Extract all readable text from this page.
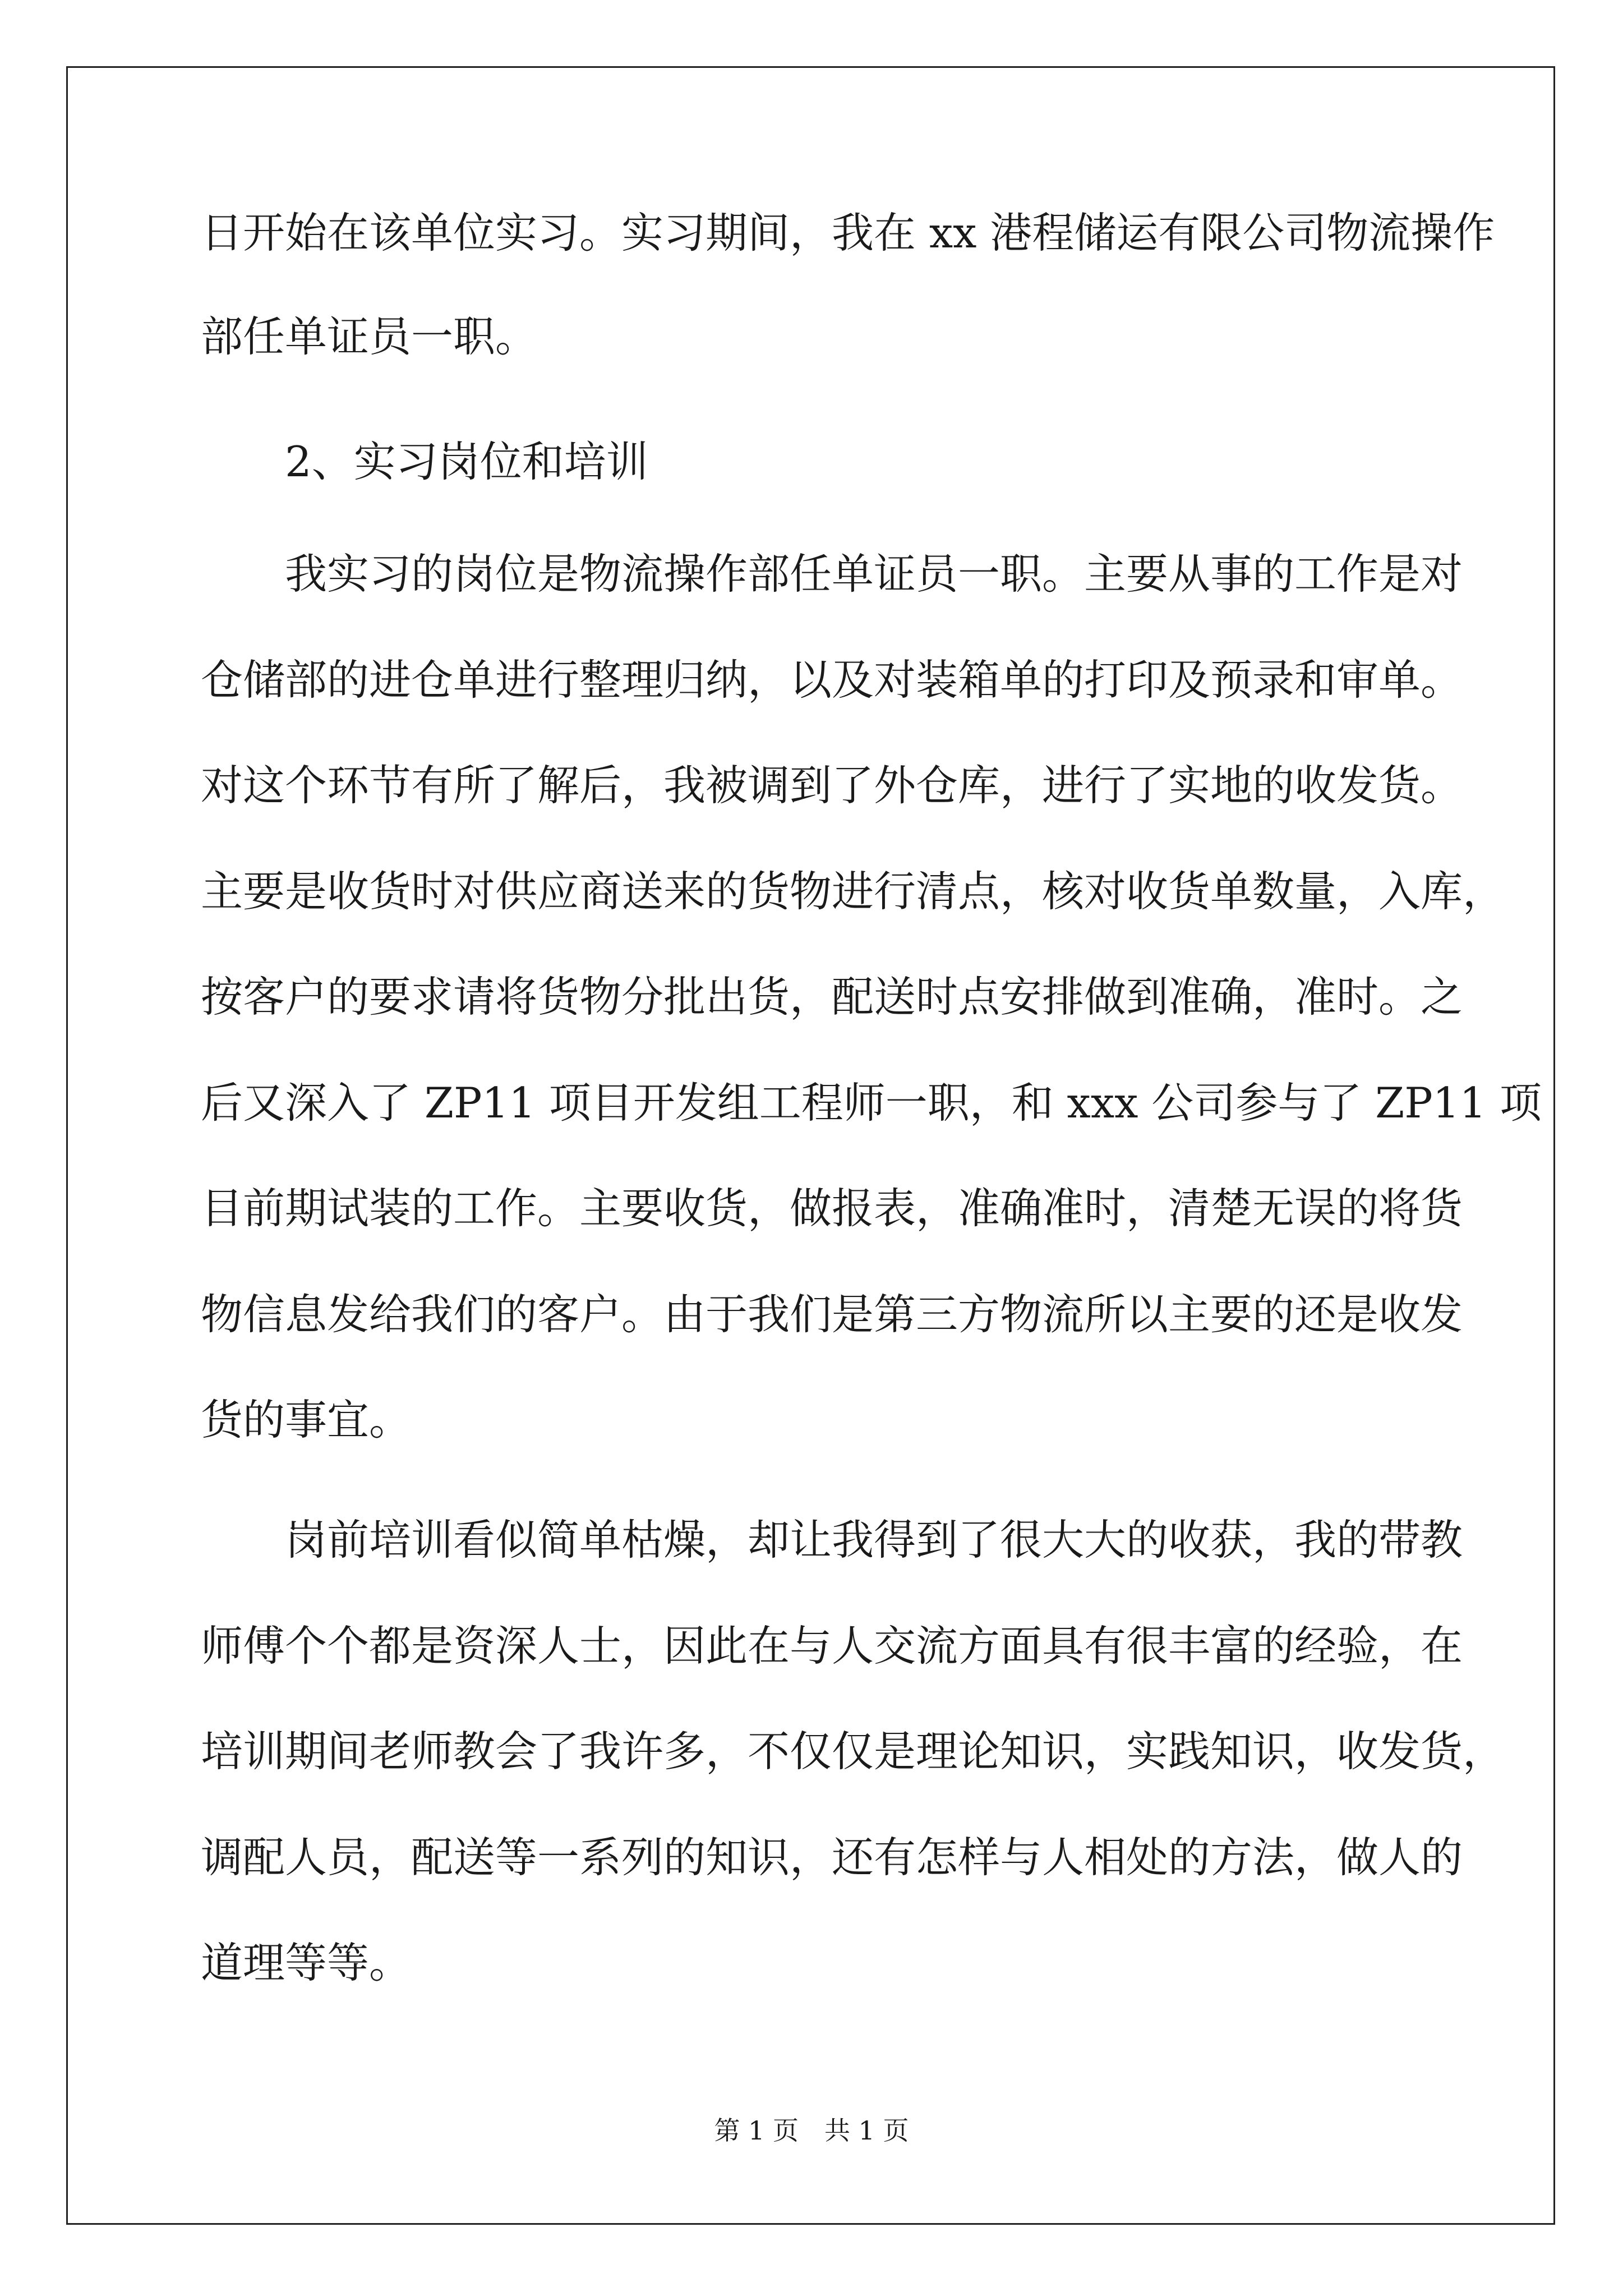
日开始在该单位实习。实习期间，我在 xx 港程储运有限公司物流操作
部任单证员一职。
2、实习岗位和培训
我实习的岗位是物流操作部任单证员一职。主要从事的工作是对
仓储部的进仓单进行整理归纳，以及对装箱单的打印及预录和审单。
对这个环节有所了解后，我被调到了外仓库，进行了实地的收发货。
主要是收货时对供应商送来的货物进行清点，核对收货单数量，入库，
按客户的要求请将货物分批出货，配送时点安排做到准确，准时。之
后又深入了 ZP11 项目开发组工程师一职，和 xxx 公司参与了 ZP11 项
目前期试装的工作。主要收货，做报表，准确准时，清楚无误的将货
物信息发给我们的客户。由于我们是第三方物流所以主要的还是收发
货的事宜。
岗前培训看似简单枯燥，却让我得到了很大大的收获，我的带教
师傅个个都是资深人士，因此在与人交流方面具有很丰富的经验，在
培训期间老师教会了我许多，不仅仅是理论知识，实践知识，收发货，
调配人员，配送等一系列的知识，还有怎样与人相处的方法，做人的
道理等等。
第 1 页　共 1 页
